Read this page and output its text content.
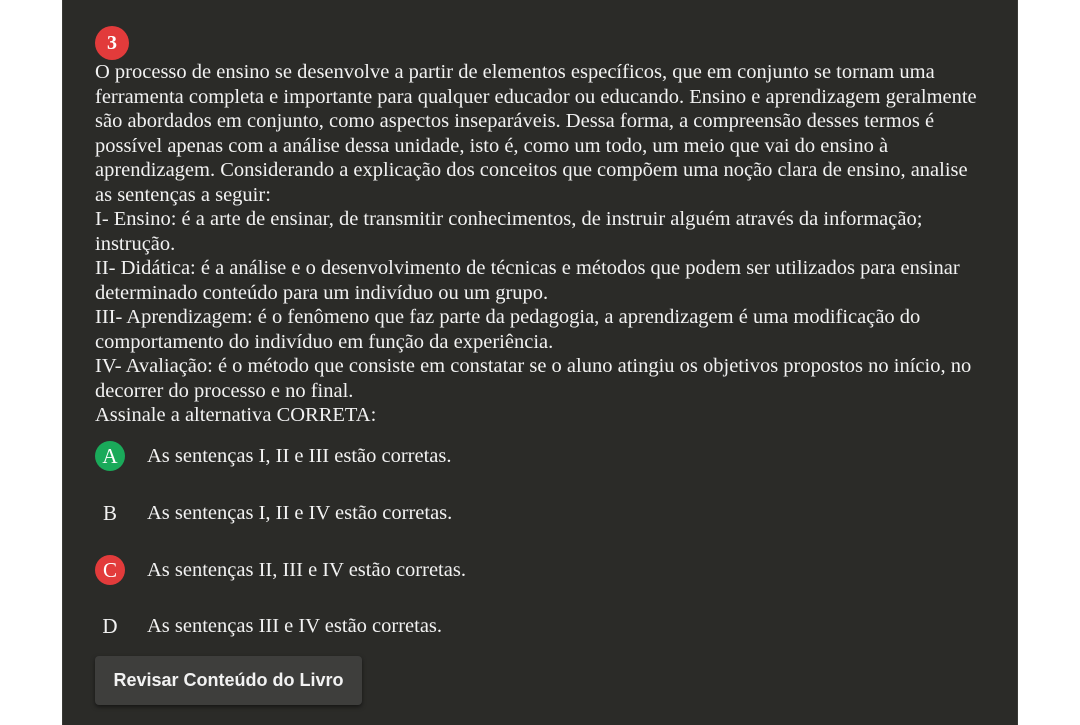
3

O processo de ensino se desenvolve a partir de elementos específicos, que em conjunto se tornam uma ferramenta completa e importante para qualquer educador ou educando. Ensino e aprendizagem geralmente são abordados em conjunto, como aspectos inseparáveis. Dessa forma, a compreensão desses termos é possível apenas com a análise dessa unidade, isto é, como um todo, um meio que vai do ensino à aprendizagem. Considerando a explicação dos conceitos que compõem uma noção clara de ensino, analise as sentenças a seguir:

I- Ensino: é a arte de ensinar, de transmitir conhecimentos, de instruir alguém através da informação; instrução.

II- Didática: é a análise e o desenvolvimento de técnicas e métodos que podem ser utilizados para ensinar determinado conteúdo para um indivíduo ou um grupo.

III- Aprendizagem: é o fenômeno que faz parte da pedagogia, a aprendizagem é uma modificação do comportamento do indivíduo em função da experiência.

IV- Avaliação: é o método que consiste em constatar se o aluno atingiu os objetivos propostos no início, no decorrer do processo e no final.

Assinale a alternativa CORRETA:

A	As sentenças I, II e III estão corretas.
B	As sentenças I, II e IV estão corretas.
C	As sentenças II, III e IV estão corretas.
D	As sentenças III e IV estão corretas.
Revisar Conteúdo do Livro
